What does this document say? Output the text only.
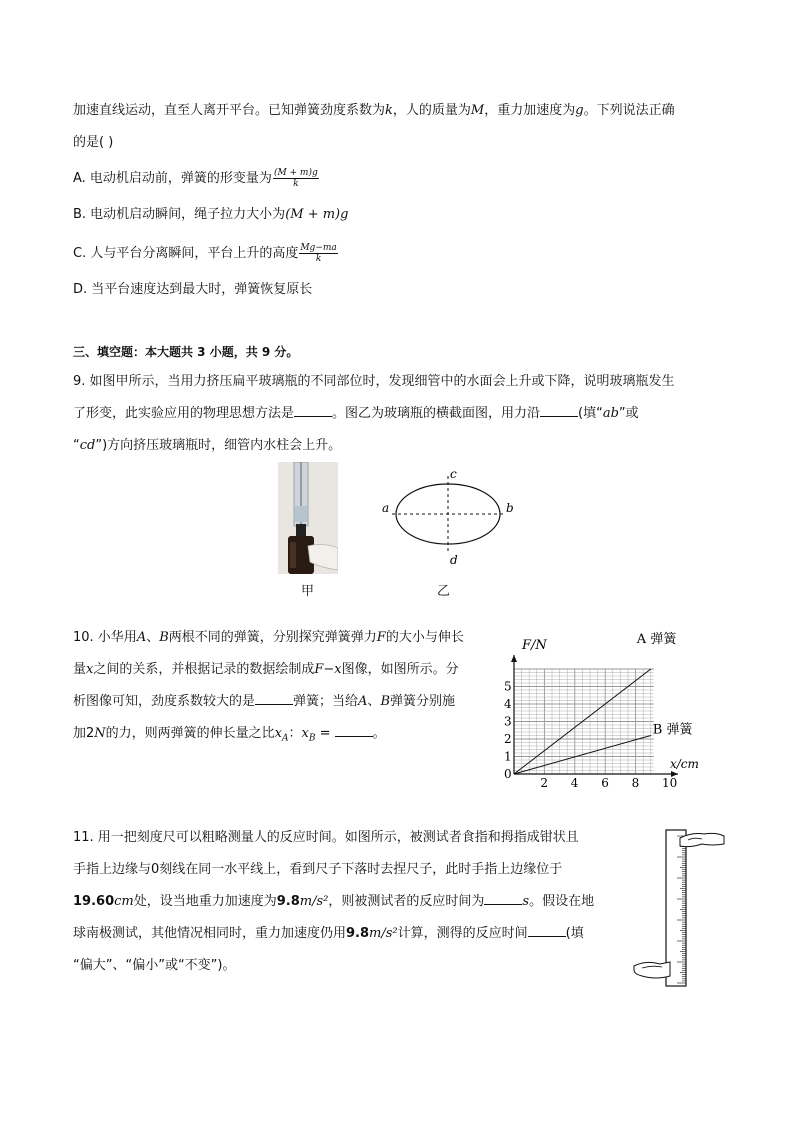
加速直线运动，直至人离开平台。已知弹簧劲度系数为k，人的质量为M，重力加速度为g。下列说法正确
的是( )
A. 电动机启动前，弹簧的形变量为 $\frac{(M + m)g}{k}$
B. 电动机启动瞬间，绳子拉力大小为(M + m)g
C. 人与平台分离瞬间，平台上升的高度 $\frac{Mg-ma}{k}$
D. 当平台速度达到最大时，弹簧恢复原长
三、填空题：本大题共 3 小题，共 9 分。
9. 如图甲所示，当用力挤压扁平玻璃瓶的不同部位时，发现细管中的水面会上升或下降，说明玻璃瓶发生
了形变，此实验应用的物理思想方法是	。图乙为玻璃瓶的横截面图，用力沿	(填“ab”或
“cd”)方向挤压玻璃瓶时，细管内水柱会上升。
甲
a	b
c
d
乙
10. 小华用A、B两根不同的弹簧，分别探究弹簧弹力F的大小与伸长
量x之间的关系，并根据记录的数据绘制成F−x图像，如图所示。分
析图像可知，劲度系数较大的是	弹簧；当给A、B弹簧分别施
加2N的力，则两弹簧的伸长量之比$x_A$：$x_B$ =	。
A 弹簧
B 弹簧
2 4 6 8 10
1
2
3
4
5
0
x/cm
F/N
11. 用一把刻度尺可以粗略测量人的反应时间。如图所示，被测试者食指和拇指成钳状且
手指上边缘与0刻线在同一水平线上，看到尺子下落时去捏尺子，此时手指上边缘位于
19.60cm处，设当地重力加速度为9.8m/s²，则被测试者的反应时间为	s。假设在地
球南极测试，其他情况相同时，重力加速度仍用9.8m/s²计算，测得的反应时间	(填
“偏大”、“偏小”或“不变”)。
